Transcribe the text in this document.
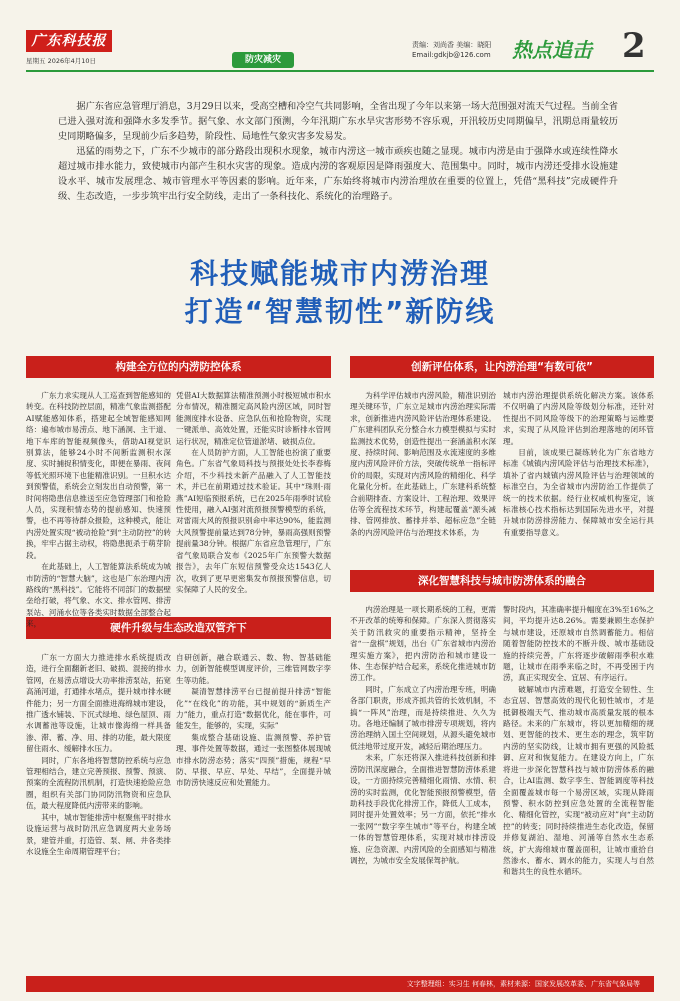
广东科技报
星期五 2026年4月10日	防灾减灾
责编：刘尚香 美编：晓阳
Email:gdkjb@126.com 热点追击 2

据广东省应急管理厅消息，3月29日以来，受高空槽和冷空气共同影响，全省出现了今年以来第一场大范围强对流天气过程。当前全省已进入强对流和强降水多发季节。据气象、水文部门预测，今年汛期广东水旱灾害形势不容乐观，开汛较历史同期偏早，汛期总雨量较历史同期略偏多，呈现前少后多趋势，阶段性、局地性气象灾害多发易发。

迅猛的雨势之下，广东不少城市的部分路段出现积水现象，城市内涝这一城市顽疾也随之显现。城市内涝是由于强降水或连续性降水超过城市排水能力，致使城市内部产生积水灾害的现象。造成内涝的客观原因是降雨强度大、范围集中。同时，城市内涝还受排水设施建设水平、城市发展理念、城市管理水平等因素的影响。近年来，广东始终将城市内涝治理放在重要的位置上，凭借“黑科技”完成硬件升级、生态改造，一步步筑牢出行安全防线，走出了一条科技化、系统化的治理路子。

科技赋能城市内涝治理
打造“智慧韧性”新防线
构建全方位的内涝防控体系	创新评估体系，让内涝治理“有数可依”
硬件升级与生态改造双管齐下
深化智慧科技与城市防涝体系的融合

广东力求实现从人工巡查到智能感知的转变。在科技防控层面，精准气象监测搭配AI赋能感知体系，搭建起全域智能感知网络：遍布城市易涝点、地下涵洞、主干道、地下车库的智能视频像头，借助AI视觉识别算法，能够24小时不间断监测积水深度、实时捕捉积情变化，即便在暴雨、夜间等低光照环境下也能精准识别。一旦积水达到预警值，系统会立刻发出自动预警，第一时间将隐患信息推送至应急管理部门和抢险人员，实现积情态势的提前感知、快速预警，也不再等待群众报险，这种模式，能让内涝处置实现“被动抢险”到“主动防控”的转换，牢牢占据主动权，将隐患扼杀于萌芽阶段。

在此基础上，人工智能算法系统成为城市防涝的“智慧大脑”，这也是广东治理内涝路线的“黑科技”。它能将不同部门的数据壁垒给打破，将气象、水文、排水管网、排涝泵站、河涌水位等各类实时数据全部整合起来，

凭借AI大数据算法精准预测小时极短城市积水分布情况，精准圈定高风险内涝区域，同时智能测度排水设备、应急队伍和抢险物资，实现一键派单、高效处置，还能实时诊断排水管网运行状况，精准定位管道淤堵、破损点位。

在人员防护方面，人工智能也扮演了重要角色。广东省气象局科技与预报处处长李春梅介绍，不少科技未新产品融入了人工智能技术，并已在前期通过技术验证。其中“珠则·雨燕”AI短临预报系统，已在2025年雨季时试验性使用，融入AI强对流预报预警模型的系统，对雷雨大风的预报识别命中率达90%，能监测大风预警提前量达到78分钟，暴雨高强则预警提前量38分钟。根据广东省应急管理厅，广东省气象局联合发布《2025年广东预警大数据报告》，去年广东短信预警受众达1543亿人次，收到了更早更密集发布预报预警信息，切实保障了人民的安全。

为科学评估城市内涝风险，精准识别治理关键环节，广东立足城市内涝治理实际需求，创新推进内涝风险评估治理体系建设。广东建科团队充分整合水力模型模拟与实时监测技术优势，创造性提出一套涵盖积水深度、持续时间、影响范围及水流速度的多维度内涝风险评价方法，突破传统单一指标评价的局限，实现对内涝风险的精细化、科学化量化分析。在此基础上，广东建科系统整合前期排查、方案设计、工程治理、效果评估等全流程技术环节，构建起覆盖“源头减排、管网排放、蓄排并举、超标应急”全链条的内涝风险评估与治理技术体系，为

城市内涝治理提供系统化解决方案。该体系不仅明确了内涝风险等级划分标准，还针对性提出不同风险等级下的治理策略与运维要求，实现了从风险评估到治理落地的闭环管理。

目前，该成果已凝练转化为广东省地方标准《城镇内涝风险评估与治理技术标准》，填补了省内城镇内涝风险评估与治理领域的标准空白，为全省城市内涝防治工作提供了统一的技术依据。经行业权威机构鉴定，该标准核心技术指标达到国际先进水平，对提升城市防涝排涝能力、保障城市安全运行具有重要指导意义。

广东一方面大力推进排水系统提质改造，进行全面翻新老旧、破损、混接的排水管网，在易涝点增设大功率排涝泵站，拓宽高涌河道，打通排水堵点，提升城市排水硬件能力；另一方面全面推进海绵城市建设，推广透水铺装、下沉式绿地、绿色屋顶、雨水调蓄池等设施，让城市像海绵一样具备渗、滞、蓄、净、用、排的功能，最大限度留住雨水、缓解排水压力。

同时，广东各地将智慧防控系统与应急管理相结合，建立完善预报、预警、预演、预案的全流程防汛机制，打造快速抢险应急圈，组织有关部门协同防汛物资和应急队伍，最大程度降低内涝带来的影响。

其中，城市智能排涝中枢聚焦平时排水设施运营与战时防汛应急调度两大业务场景，建管并重，打造管、泵、闸、井各类排水设施全生命周期管理平台；

自研创新，融合联通云、数、物、智基础能力，创新智能模型调度评价，三维管网数字孪生等功能。

凝清智慧排涝平台已提前提升排涝“智能化”“在线化”的功能，其中规划的“新质生产力”能力，重点打造“数据优化，能在事件，可能发生，能够的，实现，实际”

集成整合基础设施、监测预警、养护管理、事件处置等数据，通过一张图整体展现城市排水防涝态势；落实“四预”措施，规程“早防、早报、早应、早处、早结”，全面提升城市防涝快速反应和处置能力。

内涝治理是一项长期系统的工程，更需不开改革的统筹和保障。广东深入贯彻落实关于防汛救灾的重要指示精神，坚持全省“一盘棋”规划，出台《广东省城市内涝治理实施方案》，把内涝防治和城市建设一体、生态保护结合起来，系统化推进城市防涝工作。

同时，广东成立了内涝治理专班，明确各部门职责，形成齐抓共管的长效机制，不搞“一阵风”治理，而是持续推进、久久为功。各地还编制了城市排涝专项规划，将内涝治理纳入国土空间规划，从源头避免城市低洼地带过度开发，减轻后期治理压力。

未来，广东还将深入推进科技创新和排涝防汛深度融合，全面推进智慧防涝体系建设，一方面持续完善精细化雨情、水情、积涝的实时监测，优化智能预报预警模型，借助科技手段优化排涝工作，降低人工成本，同时提升处置效率；另一方面，依托“排水一张网”“数字孪生城市”等平台，构建全域一体的智慧管理体系，实现对城市排涝设施、应急资源、内涝风险的全面感知与精准调控，为城市安全发展保驾护航。

警时段内，其准确率提升幅度在3%至16%之间，平均提升达8.26%。需要兼顾生态保护与城市建设，还原城市自然调蓄能力。相信随着智能防控技术的不断升级、城市基础设施的持续完善，广东将逐步破解雨季积水难题，让城市在雨季来临之时，不再受困于内涝，真正实现安全、宜居、有序运行。

破解城市内涝难题，打造安全韧性、生态宜居、智慧高效的现代化韧性城市，才是抵御极端天气、推动城市高质量发展的根本路径。未来的广东城市，将以更加精细的规划、更智能的技术、更生态的理念，筑牢防内涝的坚实防线，让城市拥有更强的风险抵御、应对和恢复能力。在建设方向上，广东将进一步深化智慧科技与城市防涝体系的融合，让AI监测、数字孪生、智能调度等科技全面覆盖城市每一个易涝区域，实现从降雨预警、积水防控到应急处置的全流程智能化、精细化管控，实现“被动应对”向“主动防控”的转变；同时持续推进生态化改造，保留并修复湖泊、湿地、河涌等自然水生态系统，扩大海绵城市覆盖面积，让城市重拾自然渗水、蓄水、调水的能力，实现人与自然和谐共生的良性水循环。

文字整理组：实习生 何春林，素材来源：国家发展改革委、广东省气象局等
